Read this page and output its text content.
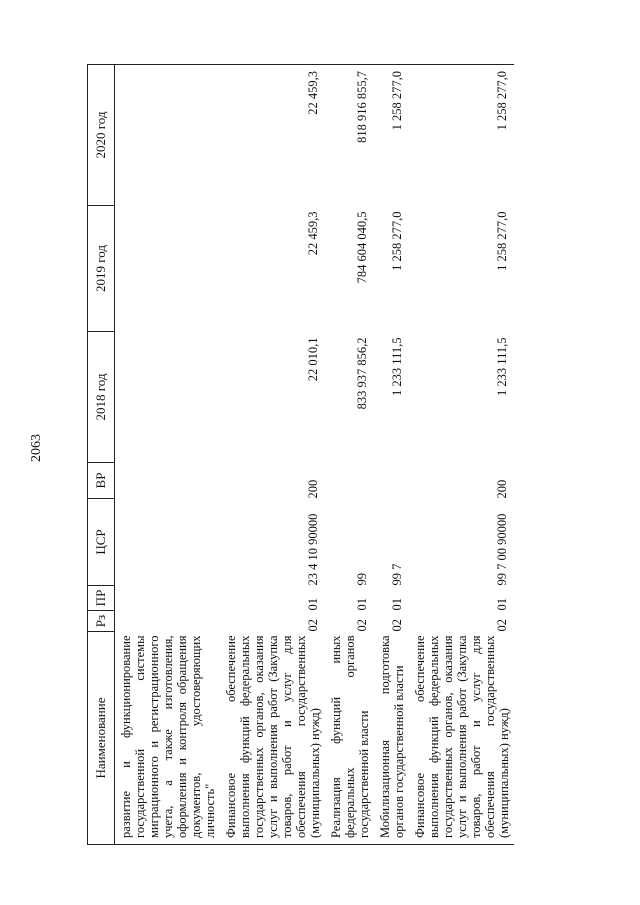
2063
Наименование	Рз	ПР	ЦСР	ВР	2018 год	2019 год	2020 год
развитие и функционирование государственной системы миграционного и регистрационного учета, а также изготовления, оформления и контроля обращения документов, удостоверяющих личность"							
Финансовое обеспечение выполнения функций федеральных государственных органов, оказания услуг и выполнения работ (Закупка товаров, работ и услуг для обеспечения государственных (муниципальных) нужд)	02	01	23 4 10 90000	200	22 010,1	22 459,3	22 459,3
Реализация функций иных федеральных органов государственной власти	02	01	99		833 937 856,2	784 604 040,5	818 916 855,7
Мобилизационная подготовка органов государственной власти	02	01	99 7		1 233 111,5	1 258 277,0	1 258 277,0
Финансовое обеспечение выполнения функций федеральных государственных органов, оказания услуг и выполнения работ (Закупка товаров, работ и услуг для обеспечения государственных (муниципальных) нужд)	02	01	99 7 00 90000	200	1 233 111,5	1 258 277,0	1 258 277,0
